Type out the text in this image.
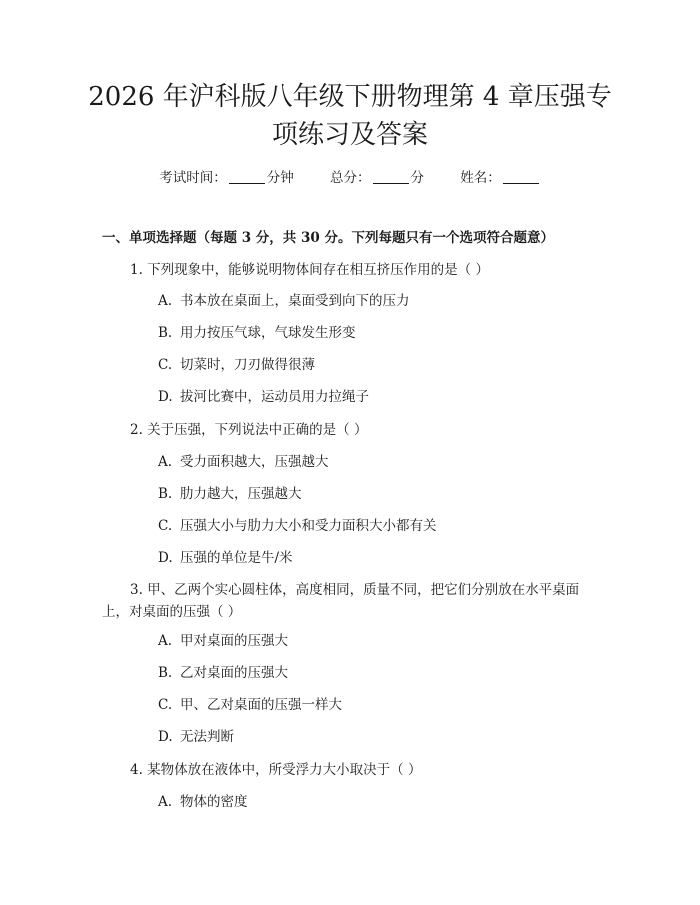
2026 年沪科版八年级下册物理第 4 章压强专
项练习及答案
考试时间：	分钟	总分：	分	姓名：
一、单项选择题（每题 3 分，共 30 分。下列每题只有一个选项符合题意）
1. 下列现象中，能够说明物体间存在相互挤压作用的是（ ）
A. 书本放在桌面上，桌面受到向下的压力
B. 用力按压气球，气球发生形变
C. 切菜时，刀刃做得很薄
D. 拔河比赛中，运动员用力拉绳子
2. 关于压强，下列说法中正确的是（ ）
A. 受力面积越大，压强越大
B. 肋力越大，压强越大
C. 压强大小与肋力大小和受力面积大小都有关
D. 压强的单位是牛/米
3. 甲、乙两个实心圆柱体，高度相同，质量不同，把它们分别放在水平桌面上，对桌面的压强（ ）
A. 甲对桌面的压强大
B. 乙对桌面的压强大
C. 甲、乙对桌面的压强一样大
D. 无法判断
4. 某物体放在液体中，所受浮力大小取决于（ ）
A. 物体的密度
